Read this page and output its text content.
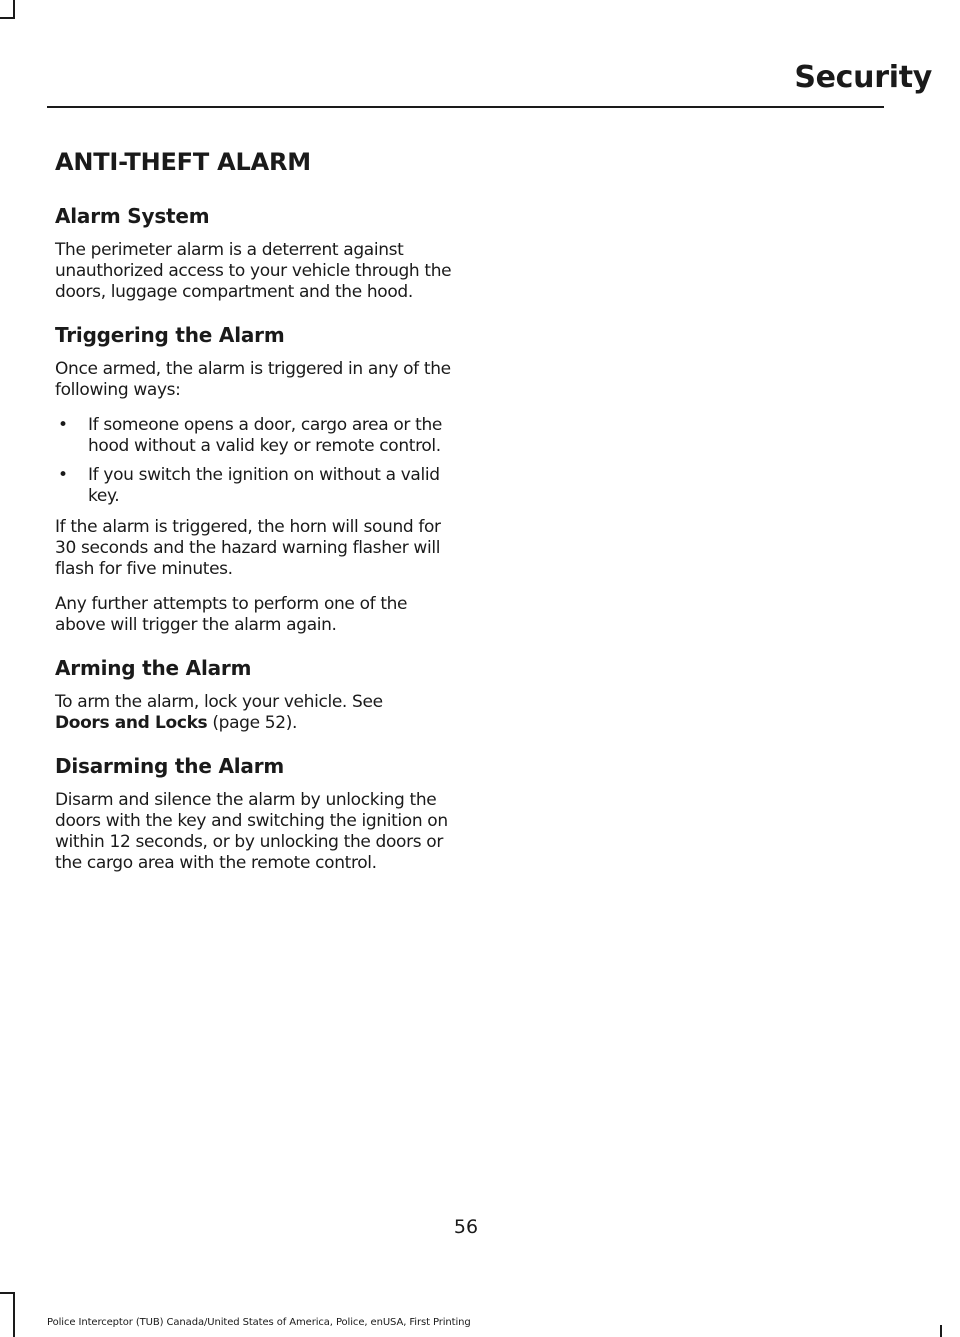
Security
ANTI-THEFT ALARM
Alarm System

The perimeter alarm is a deterrent against unauthorized access to your vehicle through the doors, luggage compartment and the hood.

Triggering the Alarm

Once armed, the alarm is triggered in any of the following ways:

• If someone opens a door, cargo area or the hood without a valid key or remote control.
• If you switch the ignition on without a valid key.

If the alarm is triggered, the horn will sound for 30 seconds and the hazard warning flasher will flash for five minutes.

Any further attempts to perform one of the above will trigger the alarm again.

Arming the Alarm

To arm the alarm, lock your vehicle. See
Doors and Locks (page 52).

Disarming the Alarm

Disarm and silence the alarm by unlocking the doors with the key and switching the ignition on within 12 seconds, or by unlocking the doors or the cargo area with the remote control.

56
Police Interceptor (TUB) Canada/United States of America, Police, enUSA, First Printing
